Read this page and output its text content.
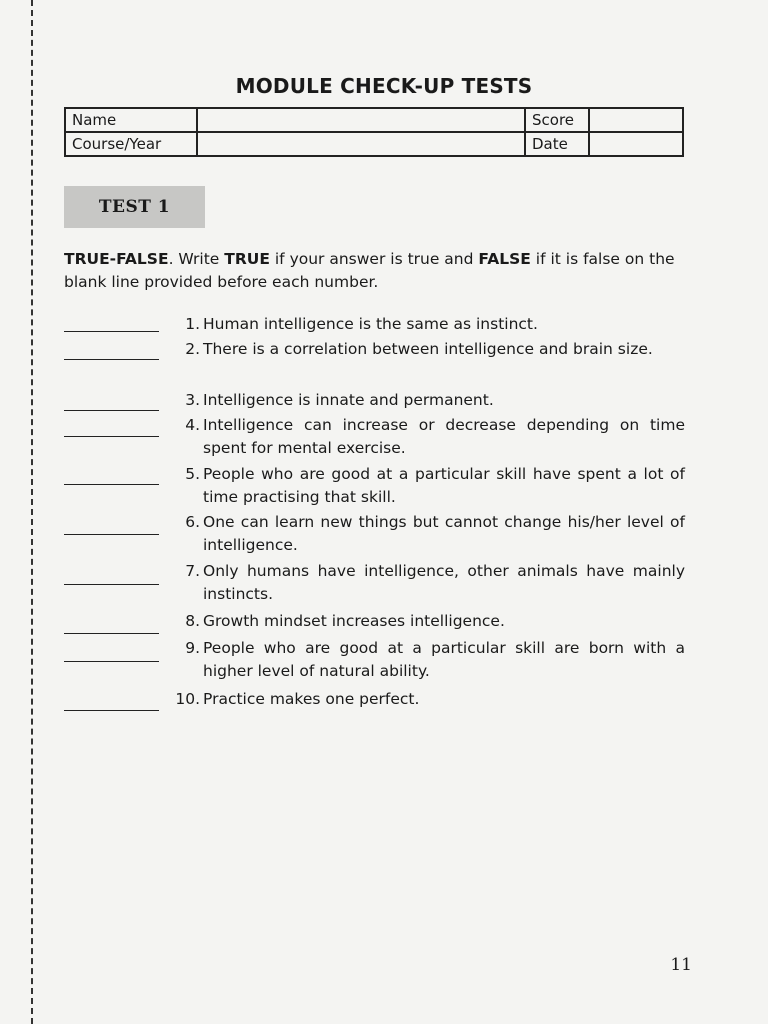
MODULE CHECK-UP TESTS
Name		Score	
Course/Year		Date	
TEST 1
TRUE-FALSE. Write TRUE if your answer is true and FALSE if it is false on the blank line provided before each number.
1. Human intelligence is the same as instinct.
2. There is a correlation between intelligence and brain size.
3. Intelligence is innate and permanent.
4. Intelligence can increase or decrease depending on time spent for mental exercise.
5. People who are good at a particular skill have spent a lot of time practising that skill.
6. One can learn new things but cannot change his/her level of intelligence.
7. Only humans have intelligence, other animals have mainly instincts.
8. Growth mindset increases intelligence.
9. People who are good at a particular skill are born with a higher level of natural ability.
10. Practice makes one perfect.
11
